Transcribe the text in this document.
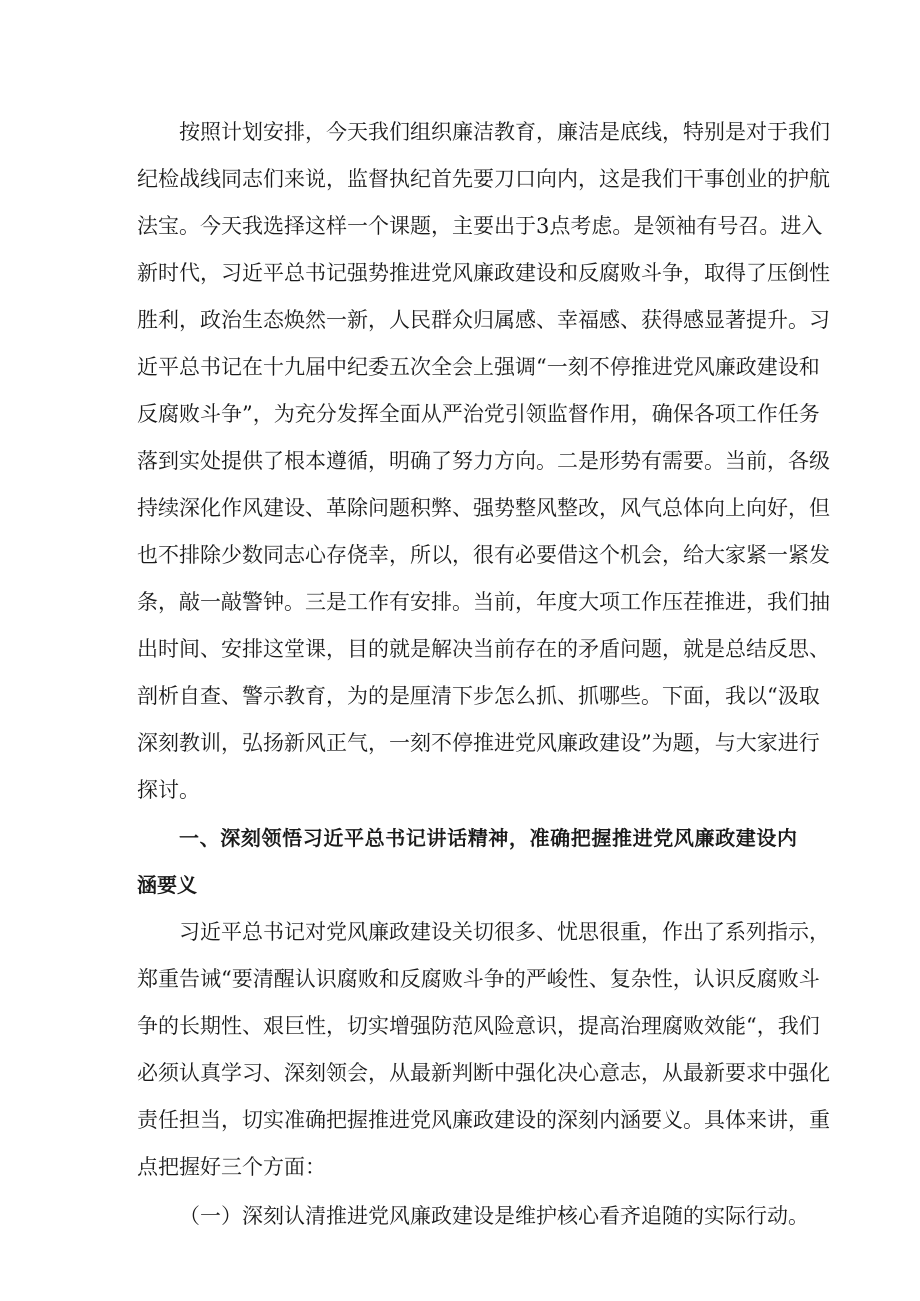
按照计划安排，今天我们组织廉洁教育，廉洁是底线，特别是对于我们
纪检战线同志们来说，监督执纪首先要刀口向内，这是我们干事创业的护航
法宝。今天我选择这样一个课题，主要出于3点考虑。是领袖有号召。进入
新时代，习近平总书记强势推进党风廉政建设和反腐败斗争，取得了压倒性
胜利，政治生态焕然一新，人民群众归属感、幸福感、获得感显著提升。习
近平总书记在十九届中纪委五次全会上强调“一刻不停推进党风廉政建设和
反腐败斗争”，为充分发挥全面从严治党引领监督作用，确保各项工作任务
落到实处提供了根本遵循，明确了努力方向。二是形势有需要。当前，各级
持续深化作风建设、革除问题积弊、强势整风整改，风气总体向上向好，但
也不排除少数同志心存侥幸，所以，很有必要借这个机会，给大家紧一紧发
条，敲一敲警钟。三是工作有安排。当前，年度大项工作压茬推进，我们抽
出时间、安排这堂课，目的就是解决当前存在的矛盾问题，就是总结反思、
剖析自查、警示教育，为的是厘清下步怎么抓、抓哪些。下面，我以“汲取
深刻教训，弘扬新风正气，一刻不停推进党风廉政建设”为题，与大家进行
探讨。
一、深刻领悟习近平总书记讲话精神，准确把握推进党风廉政建设内
涵要义
习近平总书记对党风廉政建设关切很多、忧思很重，作出了系列指示，
郑重告诫“要清醒认识腐败和反腐败斗争的严峻性、复杂性，认识反腐败斗
争的长期性、艰巨性，切实增强防范风险意识，提高治理腐败效能“，我们
必须认真学习、深刻领会，从最新判断中强化决心意志，从最新要求中强化
责任担当，切实准确把握推进党风廉政建设的深刻内涵要义。具体来讲，重
点把握好三个方面：
（一）深刻认清推进党风廉政建设是维护核心看齐追随的实际行动。
